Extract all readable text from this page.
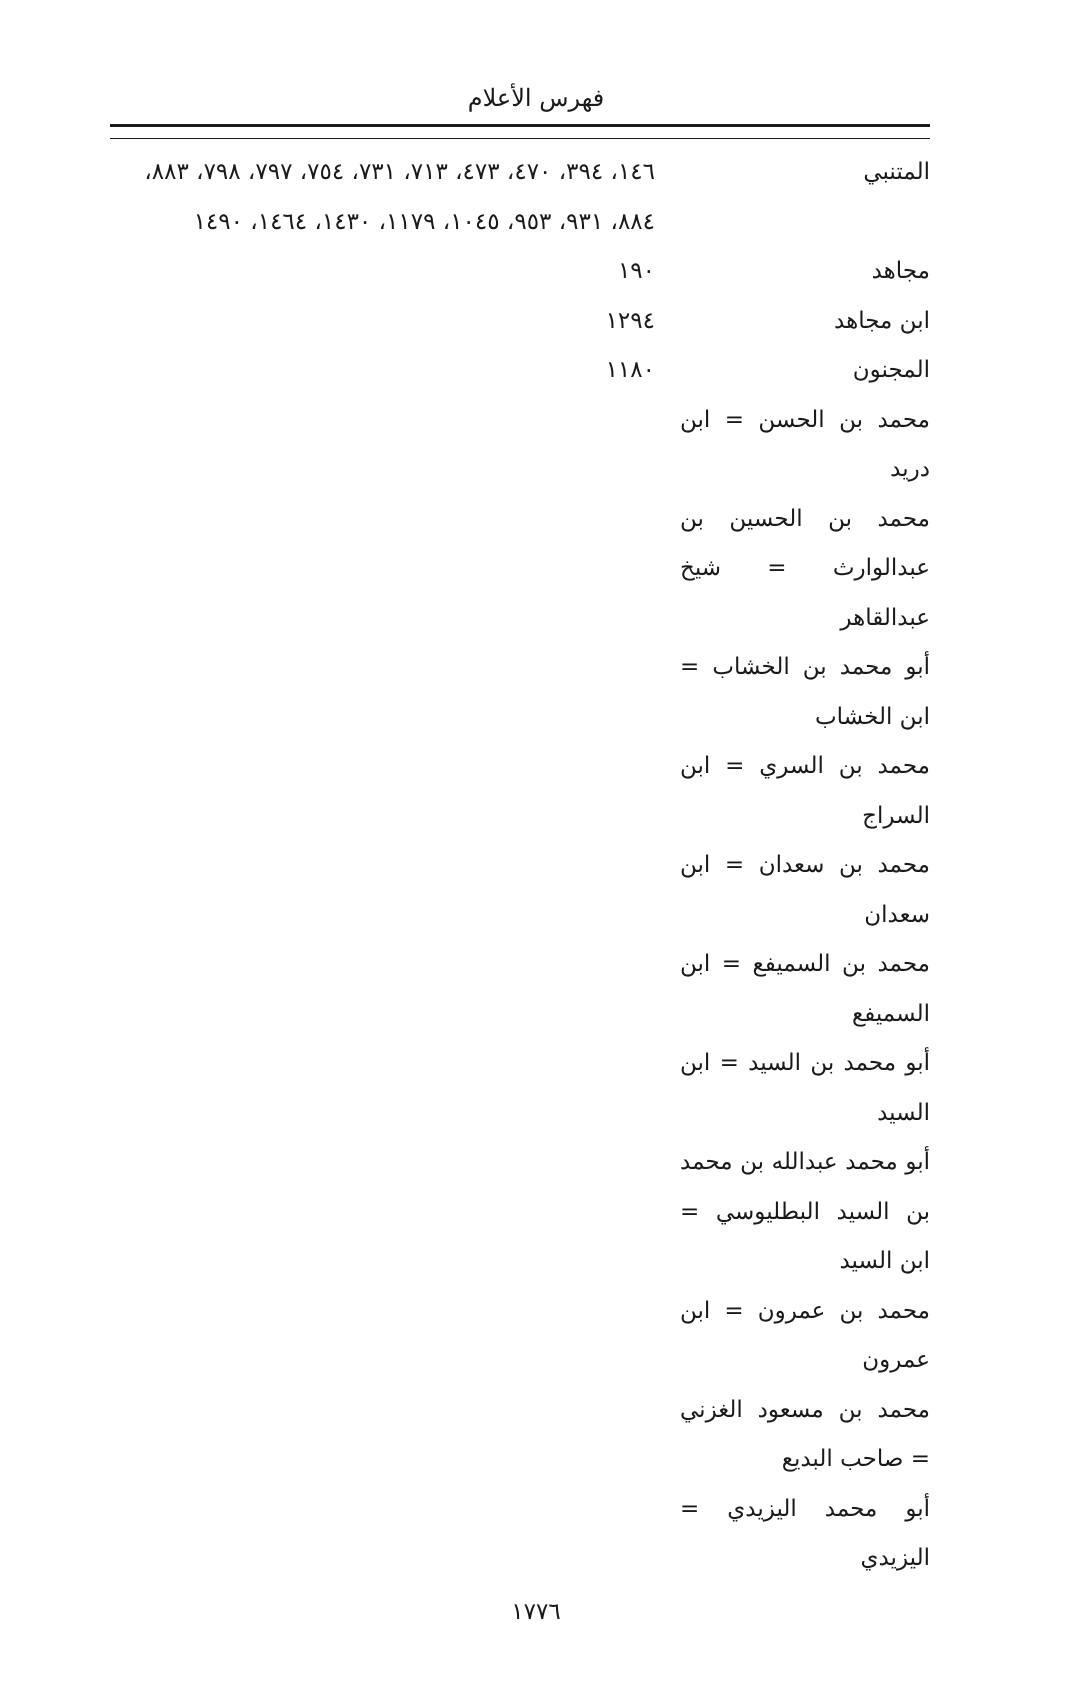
فهرس الأعلام
المتنبي
١٤٦، ٣٩٤، ٤٧٠، ٤٧٣، ٧١٣، ٧٣١، ٧٥٤، ٧٩٧، ٧٩٨، ٨٨٣، ٨٨٤، ٩٣١، ٩٥٣، ١٠٤٥، ١١٧٩، ١٤٣٠، ١٤٦٤، ١٤٩٠
مجاهد
١٩٠
ابن مجاهد
١٢٩٤
المجنون
١١٨٠
محمد بن الحسن = ابن دريد
محمد بن الحسين بن عبدالوارث = شيخ عبدالقاهر
أبو محمد بن الخشاب = ابن الخشاب
محمد بن السري = ابن السراج
محمد بن سعدان = ابن سعدان
محمد بن السميفع = ابن السميفع
أبو محمد بن السيد = ابن السيد
أبو محمد عبدالله بن محمد بن السيد البطليوسي = ابن السيد
محمد بن عمرون = ابن عمرون
محمد بن مسعود الغزني = صاحب البديع
أبو محمد اليزيدي = اليزيدي
١٧٧٦
